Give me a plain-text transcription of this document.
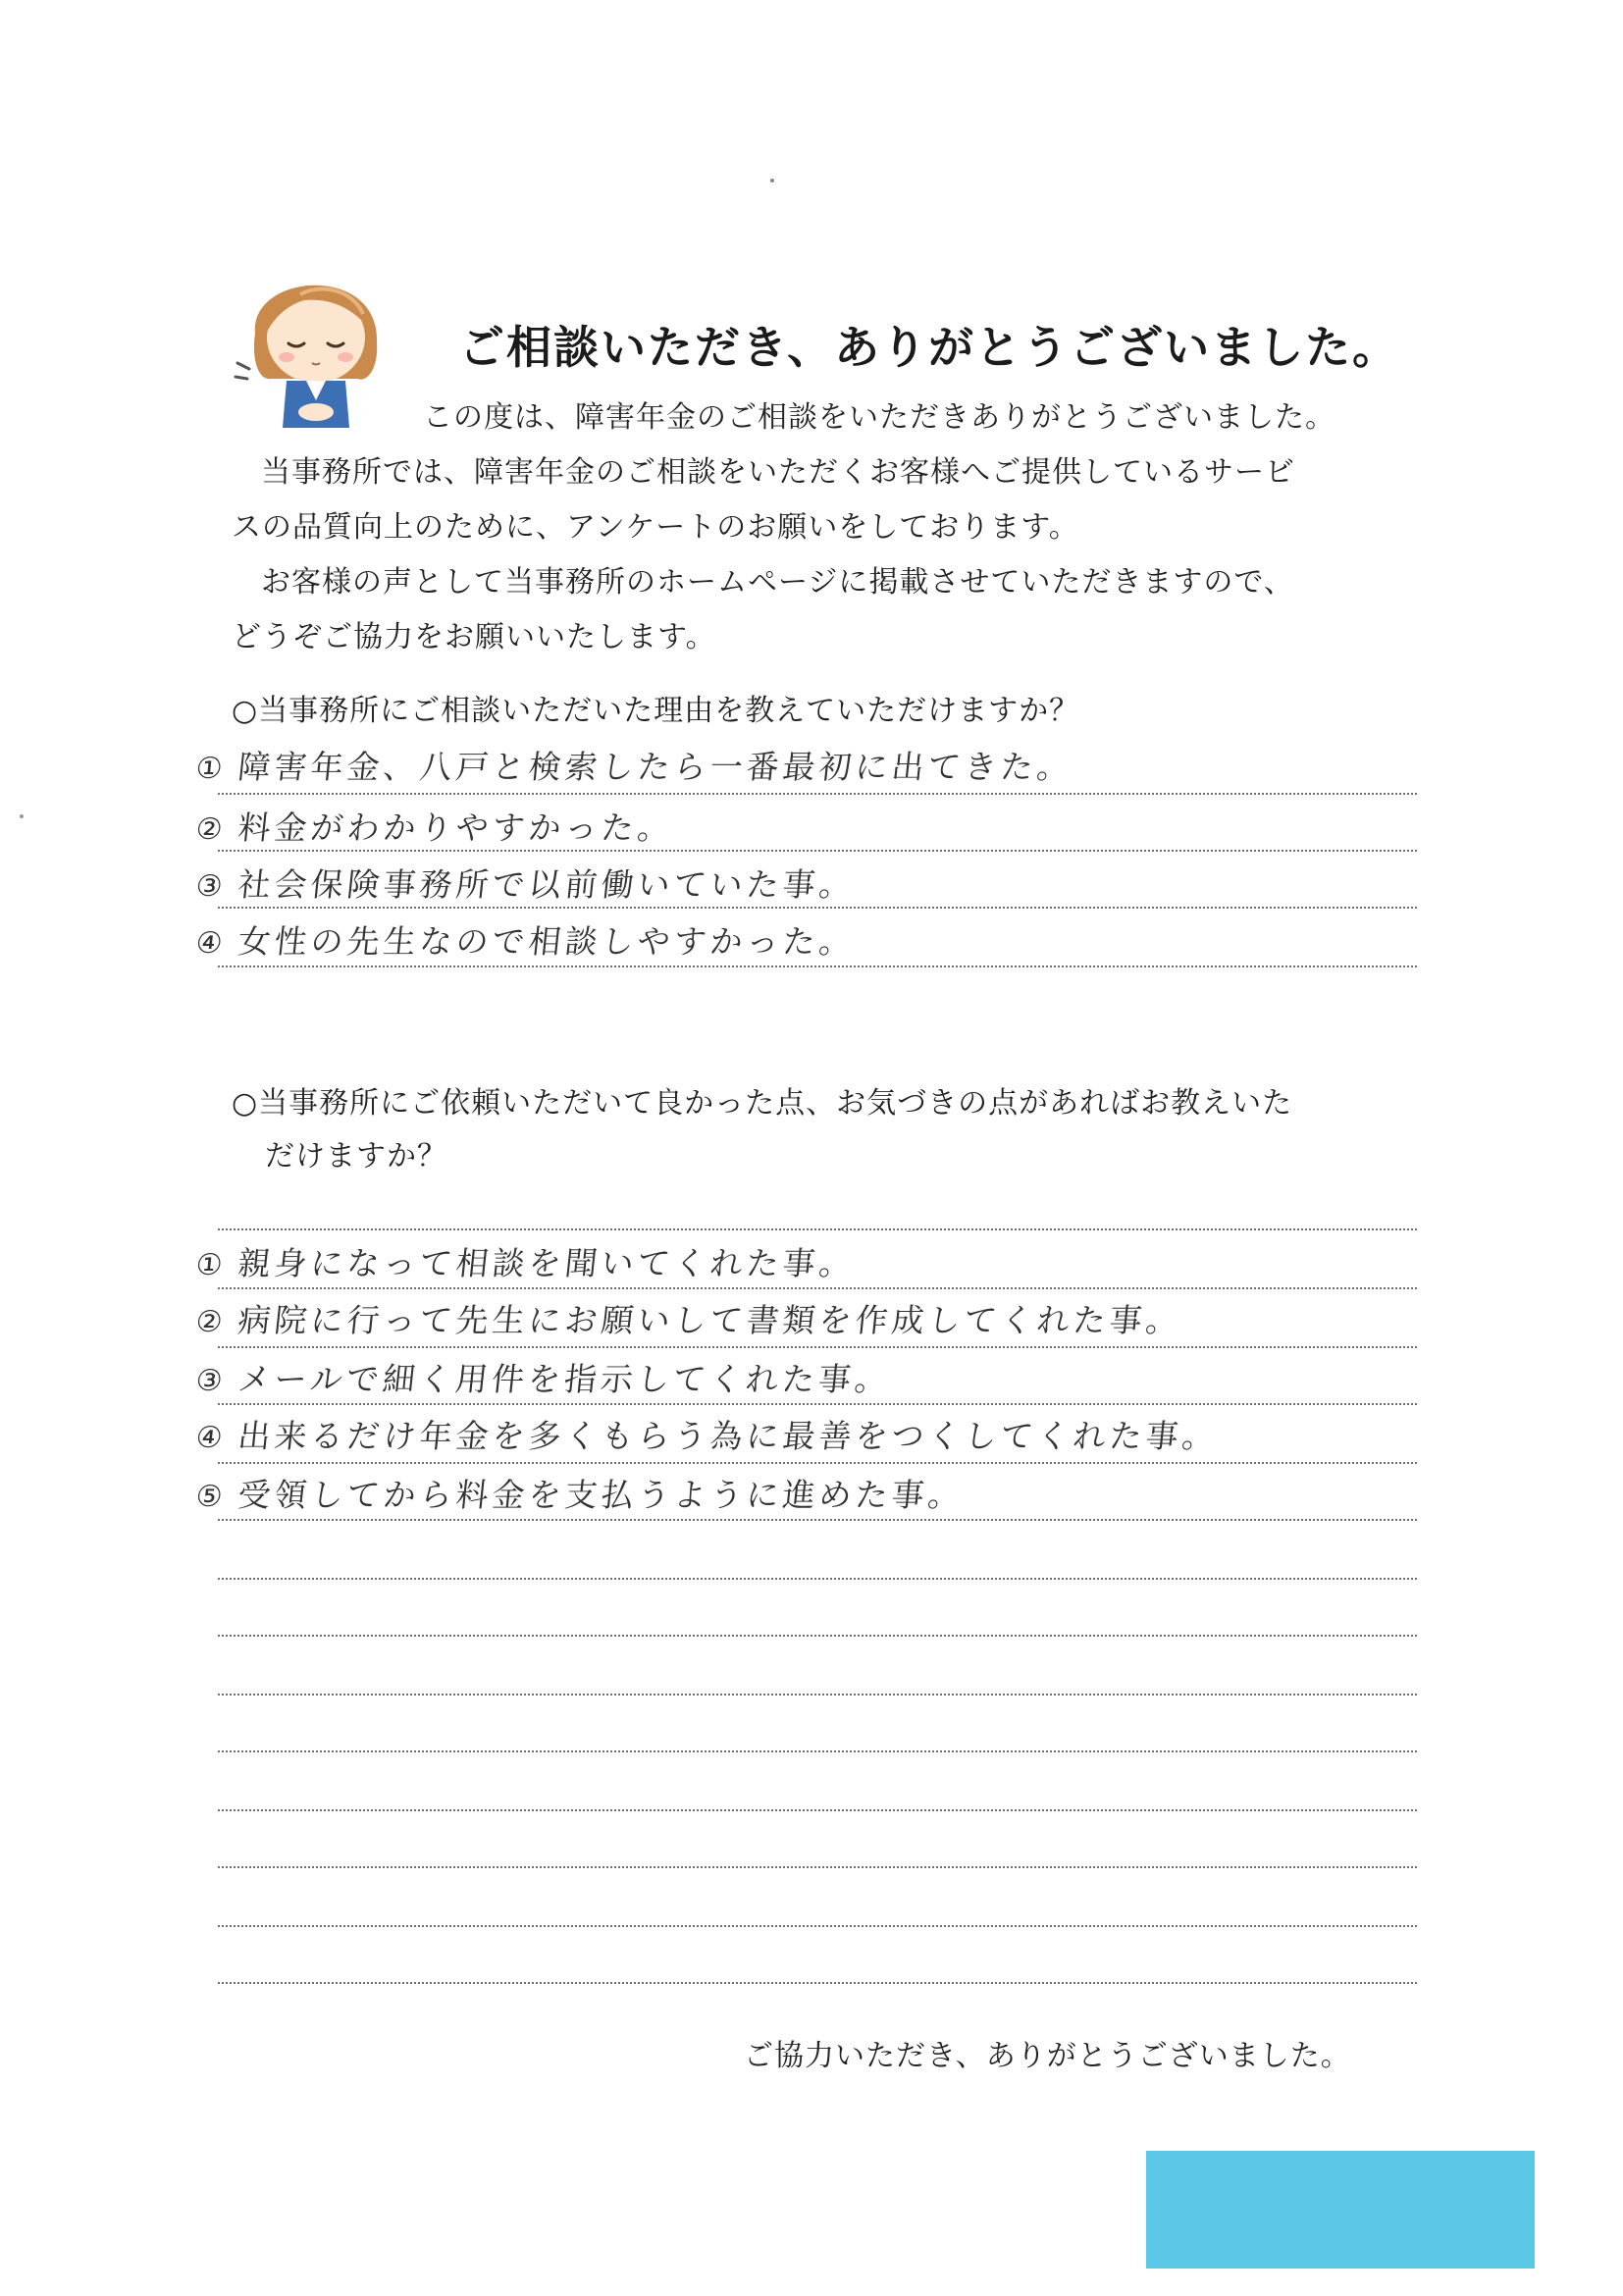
ご相談いただき、ありがとうございました。

この度は、障害年金のご相談をいただきありがとうございました。

当事務所では、障害年金のご相談をいただくお客様へご提供しているサービ

スの品質向上のために、アンケートのお願いをしております。

お客様の声として当事務所のホームページに掲載させていただきますので、

どうぞご協力をお願いいたします。

○当事務所にご相談いただいた理由を教えていただけますか？

① 障害年金、八戸と検索したら一番最初に出てきた。

② 料金がわかりやすかった。

③ 社会保険事務所で以前働いていた事。

④ 女性の先生なので相談しやすかった。

○当事務所にご依頼いただいて良かった点、お気づきの点があればお教えいた
だけますか？

① 親身になって相談を聞いてくれた事。

② 病院に行って先生にお願いして書類を作成してくれた事。

③ メールで細く用件を指示してくれた事。

④ 出来るだけ年金を多くもらう為に最善をつくしてくれた事。

⑤ 受領してから料金を支払うように進めた事。

ご協力いただき、ありがとうございました。
